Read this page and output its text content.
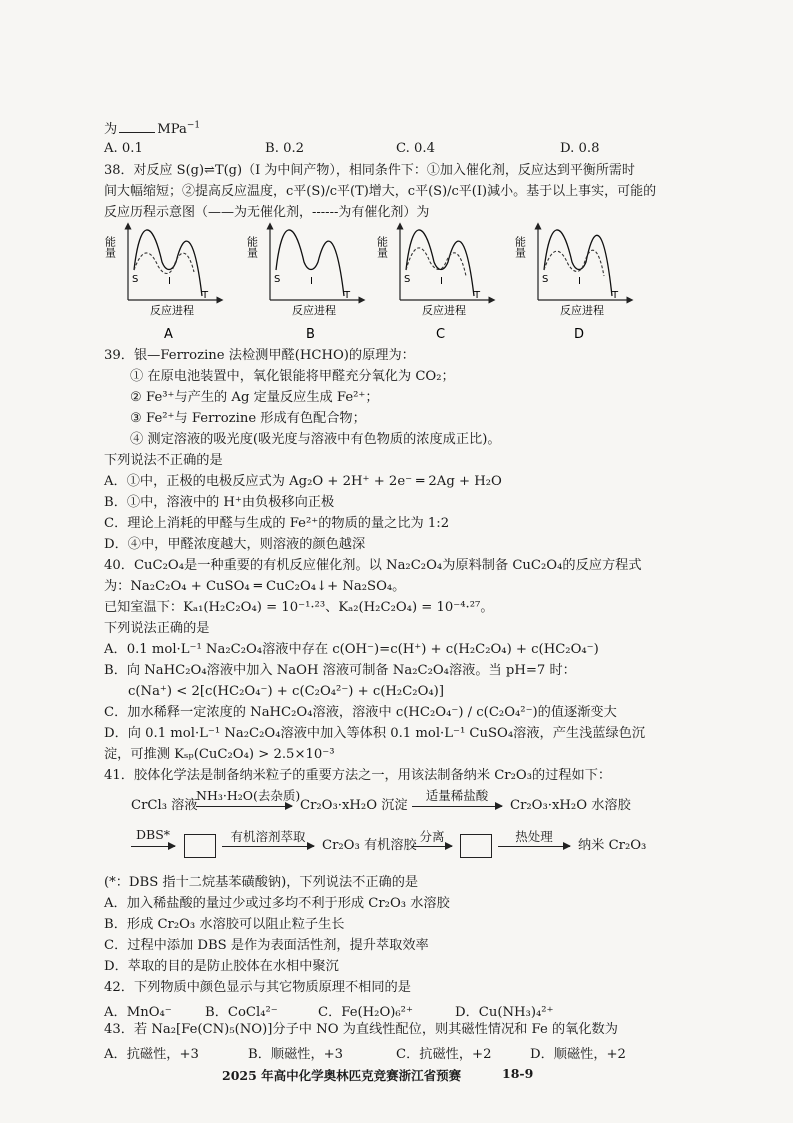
为	MPa$^{-1}$
A. 0.1	B. 0.2	C. 0.4	D. 0.8
38．对反应 S(g)⇌T(g)（I 为中间产物），相同条件下：①加入催化剂，反应达到平衡所需时
间大幅缩短；②提高反应温度，c平(S)/c平(T)增大，c平(S)/c平(I)減小。基于以上事实，可能的
反应历程示意图（——为无催化剂，------为有催化剂）为
S	I
T
能量
反应进程
A
S	I
T
能量
反应进程
B
S	I
T
能量
反应进程
C
S	I
T
能量
反应进程
D
39．银—Ferrozine 法检测甲醛(HCHO)的原理为：
① 在原电池装置中，氧化银能将甲醛充分氧化为 CO₂；
② Fe³⁺与产生的 Ag 定量反应生成 Fe²⁺；
③ Fe²⁺与 Ferrozine 形成有色配合物；
④ 测定溶液的吸光度(吸光度与溶液中有色物质的浓度成正比)。
下列说法不正确的是
A．①中，正极的电极反应式为 Ag₂O + 2H⁺ + 2e⁻ ═ 2Ag + H₂O
B．①中，溶液中的 H⁺由负极移向正极
C．理论上消耗的甲醛与生成的 Fe²⁺的物质的量之比为 1:2
D．④中，甲醛浓度越大，则溶液的颜色越深
40．CuC₂O₄是一种重要的有机反应催化剂。以 Na₂C₂O₄为原料制备 CuC₂O₄的反应方程式
为：Na₂C₂O₄ + CuSO₄ ═ CuC₂O₄↓+ Na₂SO₄。
已知室温下：Kₐ₁(H₂C₂O₄) = 10⁻¹·²³、Kₐ₂(H₂C₂O₄) = 10⁻⁴·²⁷。
下列说法正确的是
A．0.1 mol·L⁻¹ Na₂C₂O₄溶液中存在 c(OH⁻)=c(H⁺) + c(H₂C₂O₄) + c(HC₂O₄⁻)
B．向 NaHC₂O₄溶液中加入 NaOH 溶液可制备 Na₂C₂O₄溶液。当 pH=7 时：
c(Na⁺) < 2[c(HC₂O₄⁻) + c(C₂O₄²⁻) + c(H₂C₂O₄)]
C．加水稀释一定浓度的 NaHC₂O₄溶液，溶液中 c(HC₂O₄⁻) / c(C₂O₄²⁻)的值逐渐变大
D．向 0.1 mol·L⁻¹ Na₂C₂O₄溶液中加入等体积 0.1 mol·L⁻¹ CuSO₄溶液，产生浅蓝绿色沉
淀，可推测 Kₛₚ(CuC₂O₄) > 2.5×10⁻³
41．胶体化学法是制备纳米粒子的重要方法之一，用该法制备纳米 Cr₂O₃的过程如下：
CrCl₃ 溶液
NH₃·H₂O(去杂质)
Cr₂O₃·xH₂O 沉淀
适量稀盐酸
Cr₂O₃·xH₂O 水溶胶
DBS*	有机溶剂萃取
Cr₂O₃ 有机溶胶
分离	热处理
纳米 Cr₂O₃
(*：DBS 指十二烷基苯磺酸钠)，下列说法不正确的是
A．加入稀盐酸的量过少或过多均不利于形成 Cr₂O₃ 水溶胶
B．形成 Cr₂O₃ 水溶胶可以阻止粒子生长
C．过程中添加 DBS 是作为表面活性剂，提升萃取效率
D．萃取的目的是防止胶体在水相中聚沉
42．下列物质中颜色显示与其它物质原理不相同的是
A．MnO₄⁻	B．CoCl₄²⁻	C．Fe(H₂O)₆²⁺	D．Cu(NH₃)₄²⁺
43．若 Na₂[Fe(CN)₅(NO)]分子中 NO 为直线性配位，则其磁性情况和 Fe 的氧化数为
A．抗磁性，+3	B．顺磁性，+3	C．抗磁性，+2	D．顺磁性，+2
2025 年高中化学奥林匹克竞赛浙江省预赛	18-9
